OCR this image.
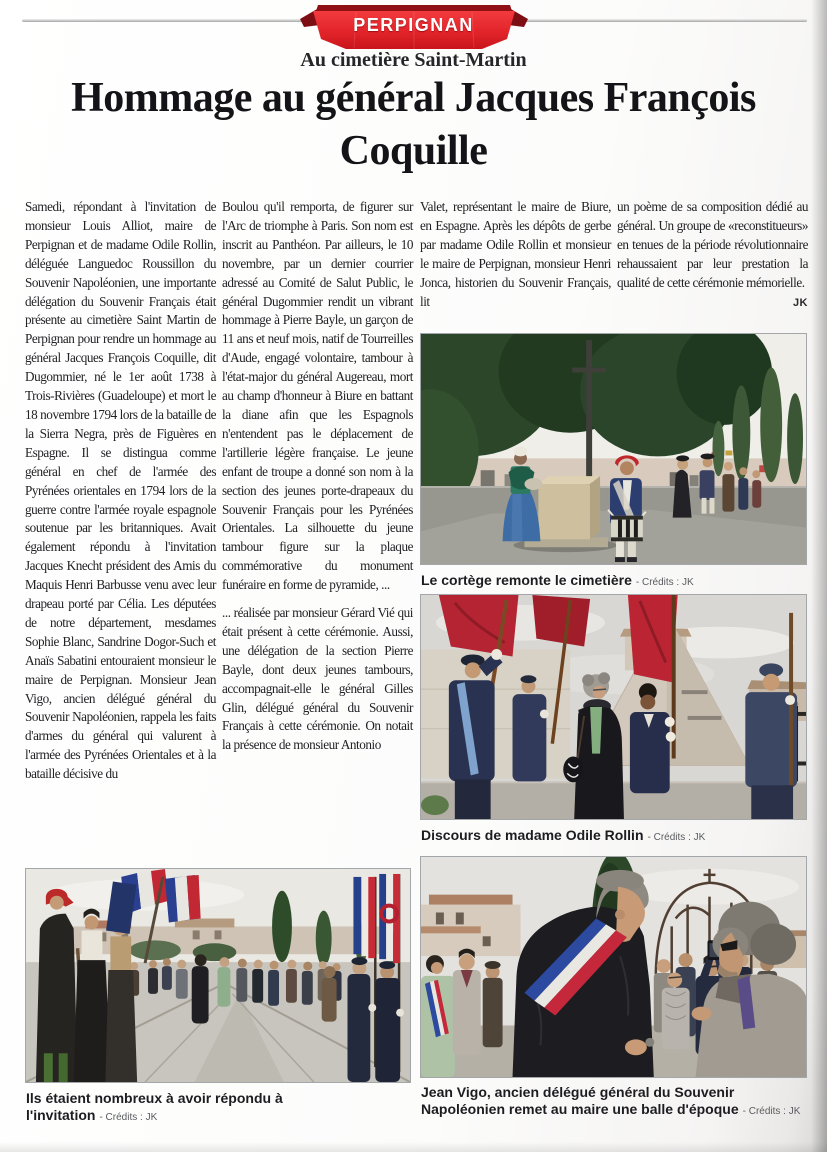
PERPIGNAN
Au cimetière Saint-Martin
Hommage au général Jacques François Coquille

Samedi, répondant à l'invitation de monsieur Louis Alliot, maire de Perpignan et de madame Odile Rollin, déléguée Languedoc Roussillon du Souvenir Napoléonien, une importante délégation du Souvenir Français était présente au cimetière Saint Martin de Perpignan pour rendre un hommage au général Jacques François Coquille, dit Dugommier, né le 1er août 1738 à Trois-Rivières (Guadeloupe) et mort le 18 novembre 1794 lors de la bataille de la Sierra Negra, près de Figuères en Espagne. Il se distingua comme général en chef de l'armée des Pyrénées orientales en 1794 lors de la guerre contre l'armée royale espagnole soutenue par les britanniques. Avait également répondu à l'invitation Jacques Knecht président des Amis du Maquis Henri Barbusse venu avec leur drapeau porté par Célia. Les députées de notre département, mesdames Sophie Blanc, Sandrine Dogor-Such et Anaïs Sabatini entouraient monsieur le maire de Perpignan. Monsieur Jean Vigo, ancien délégué général du Souvenir Napoléonien, rappela les faits d'armes du général qui valurent à l'armée des Pyrénées Orientales et à la bataille décisive du

Boulou qu'il remporta, de figurer sur l'Arc de triomphe à Paris. Son nom est inscrit au Panthéon. Par ailleurs, le 10 novembre, par un dernier courrier adressé au Comité de Salut Public, le général Dugommier rendit un vibrant hommage à Pierre Bayle, un garçon de 11 ans et neuf mois, natif de Tourreilles d'Aude, engagé volontaire, tambour à l'état-major du général Augereau, mort au champ d'honneur à Biure en battant la diane afin que les Espagnols n'entendent pas le déplacement de l'artillerie légère française. Le jeune enfant de troupe a donné son nom à la section des jeunes porte-drapeaux du Souvenir Français pour les Pyrénées Orientales. La silhouette du jeune tambour figure sur la plaque commémorative du monument funéraire en forme de pyramide, ...

... réalisée par monsieur Gérard Vié qui était présent à cette cérémonie. Aussi, une délégation de la section Pierre Bayle, dont deux jeunes tambours, accompagnait-elle le général Gilles Glin, délégué général du Souvenir Français à cette cérémonie. On notait la présence de monsieur Antonio

Valet, représentant le maire de Biure, en Espagne. Après les dépôts de gerbe par madame Odile Rollin et monsieur le maire de Perpignan, monsieur Henri Jonca, historien du Souvenir Français, lit

un poème de sa composition dédié au général. Un groupe de «reconstitueurs» en tenues de la période révolutionnaire rehaussaient par leur prestation la qualité de cette cérémonie mémorielle.

JK
Le cortège remonte le cimetière - Crédits : JK
Discours de madame Odile Rollin - Crédits : JK
Ils étaient nombreux à avoir répondu à l'invitation - Crédits : JK
Jean Vigo, ancien délégué général du Souvenir Napoléonien remet au maire une balle d'époque - Crédits : JK
